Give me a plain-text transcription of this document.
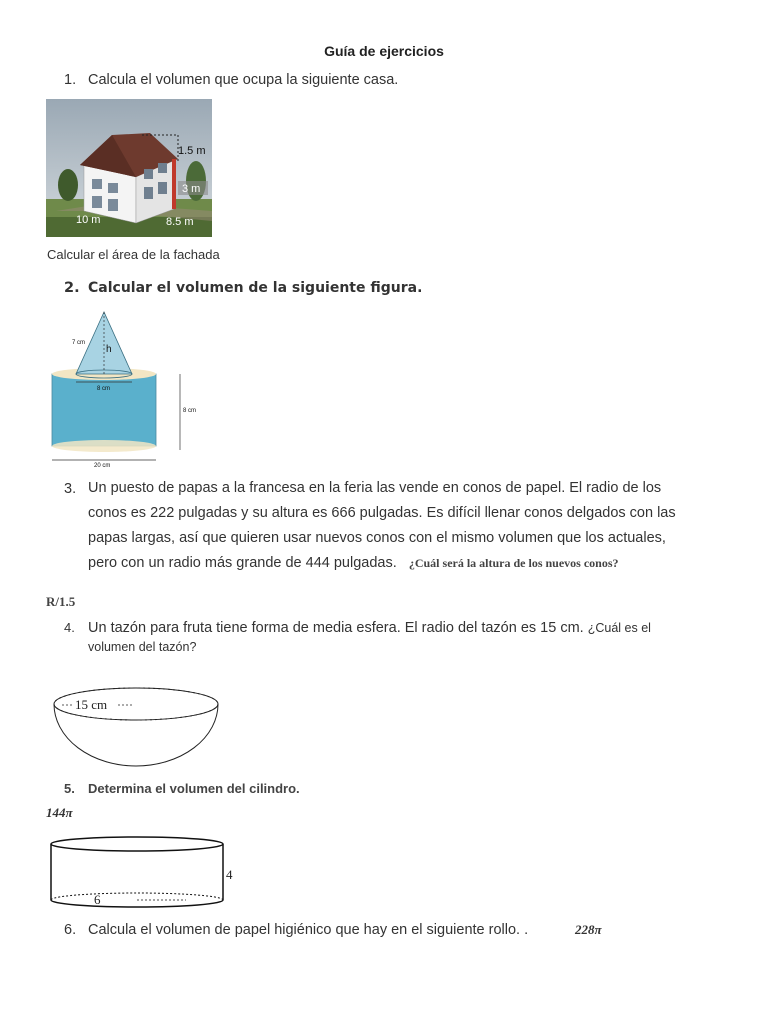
Guía de ejercicios
1. Calcula el volumen que ocupa la siguiente casa.
1.5 m
3 m
10 m	8.5 m
Calcular el área de la fachada
2. Calcular el volumen de la siguiente figura.
7 cm
h
8 cm
8 cm
20 cm
3. Un puesto de papas a la francesa en la feria las vende en conos de papel. El radio de los
conos es 222 pulgadas y su altura es 666 pulgadas. Es difícil llenar conos delgados con las
papas largas, así que quieren usar nuevos conos con el mismo volumen que los actuales,
pero con un radio más grande de 444 pulgadas. ¿Cuál será la altura de los nuevos conos?
R/1.5
4. Un tazón para fruta tiene forma de media esfera. El radio del tazón es 15 cm. ¿Cuál es el
volumen del tazón?
15 cm
5. Determina el volumen del cilindro.
144π
4
6
6. Calcula el volumen de papel higiénico que hay en el siguiente rollo. .	228π
